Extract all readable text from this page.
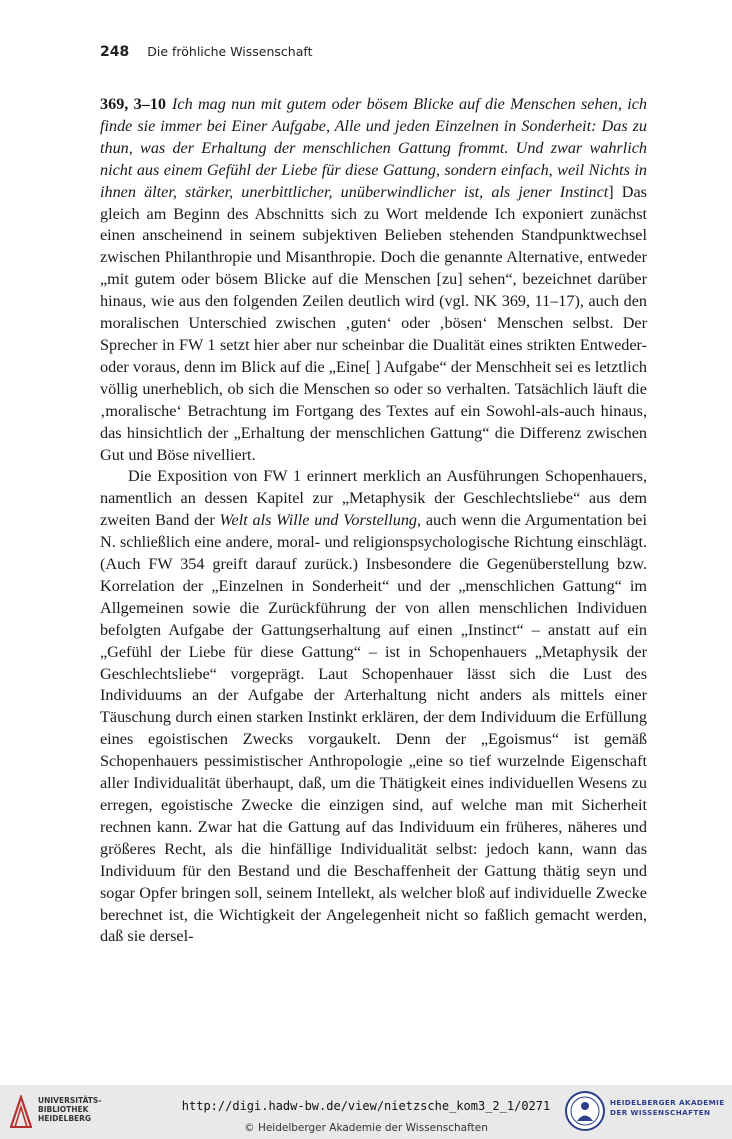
248 Die fröhliche Wissenschaft

369, 3–10 Ich mag nun mit gutem oder bösem Blicke auf die Menschen sehen, ich finde sie immer bei Einer Aufgabe, Alle und jeden Einzelnen in Sonderheit: Das zu thun, was der Erhaltung der menschlichen Gattung frommt. Und zwar wahrlich nicht aus einem Gefühl der Liebe für diese Gattung, sondern einfach, weil Nichts in ihnen älter, stärker, unerbittlicher, unüberwindlicher ist, als jener Instinct] Das gleich am Beginn des Abschnitts sich zu Wort meldende Ich exponiert zunächst einen anscheinend in seinem subjektiven Belieben stehenden Standpunktwechsel zwischen Philanthropie und Misanthropie. Doch die genannte Alternative, entweder „mit gutem oder bösem Blicke auf die Menschen [zu] sehen“, bezeichnet darüber hinaus, wie aus den folgenden Zeilen deutlich wird (vgl. NK 369, 11–17), auch den moralischen Unterschied zwischen ‚guten‘ oder ‚bösen‘ Menschen selbst. Der Sprecher in FW 1 setzt hier aber nur scheinbar die Dualität eines strikten Entweder-oder voraus, denn im Blick auf die „Eine[ ] Aufgabe“ der Menschheit sei es letztlich völlig unerheblich, ob sich die Menschen so oder so verhalten. Tatsächlich läuft die ‚moralische‘ Betrachtung im Fortgang des Textes auf ein Sowohl-als-auch hinaus, das hinsichtlich der „Erhaltung der menschlichen Gattung“ die Differenz zwischen Gut und Böse nivelliert.

Die Exposition von FW 1 erinnert merklich an Ausführungen Schopenhauers, namentlich an dessen Kapitel zur „Metaphysik der Geschlechtsliebe“ aus dem zweiten Band der Welt als Wille und Vorstellung, auch wenn die Argumentation bei N. schließlich eine andere, moral- und religionspsychologische Richtung einschlägt. (Auch FW 354 greift darauf zurück.) Insbesondere die Gegenüberstellung bzw. Korrelation der „Einzelnen in Sonderheit“ und der „menschlichen Gattung“ im Allgemeinen sowie die Zurückführung der von allen menschlichen Individuen befolgten Aufgabe der Gattungserhaltung auf einen „Instinct“ – anstatt auf ein „Gefühl der Liebe für diese Gattung“ – ist in Schopenhauers „Metaphysik der Geschlechtsliebe“ vorgeprägt. Laut Schopenhauer lässt sich die Lust des Individuums an der Aufgabe der Arterhaltung nicht anders als mittels einer Täuschung durch einen starken Instinkt erklären, der dem Individuum die Erfüllung eines egoistischen Zwecks vorgaukelt. Denn der „Egoismus“ ist gemäß Schopenhauers pessimistischer Anthropologie „eine so tief wurzelnde Eigenschaft aller Individualität überhaupt, daß, um die Thätigkeit eines individuellen Wesens zu erregen, egoistische Zwecke die einzigen sind, auf welche man mit Sicherheit rechnen kann. Zwar hat die Gattung auf das Individuum ein früheres, näheres und größeres Recht, als die hinfällige Individualität selbst: jedoch kann, wann das Individuum für den Bestand und die Beschaffenheit der Gattung thätig seyn und sogar Opfer bringen soll, seinem Intellekt, als welcher bloß auf individuelle Zwecke berechnet ist, die Wichtigkeit der Angelegenheit nicht so faßlich gemacht werden, daß sie dersel-

UNIVERSITÄTS-
BIBLIOTHEK
HEIDELBERG
http://digi.hadw-bw.de/view/nietzsche_kom3_2_1/0271
© Heidelberger Akademie der Wissenschaften
HEIDELBERGER AKADEMIE
DER WISSENSCHAFTEN
